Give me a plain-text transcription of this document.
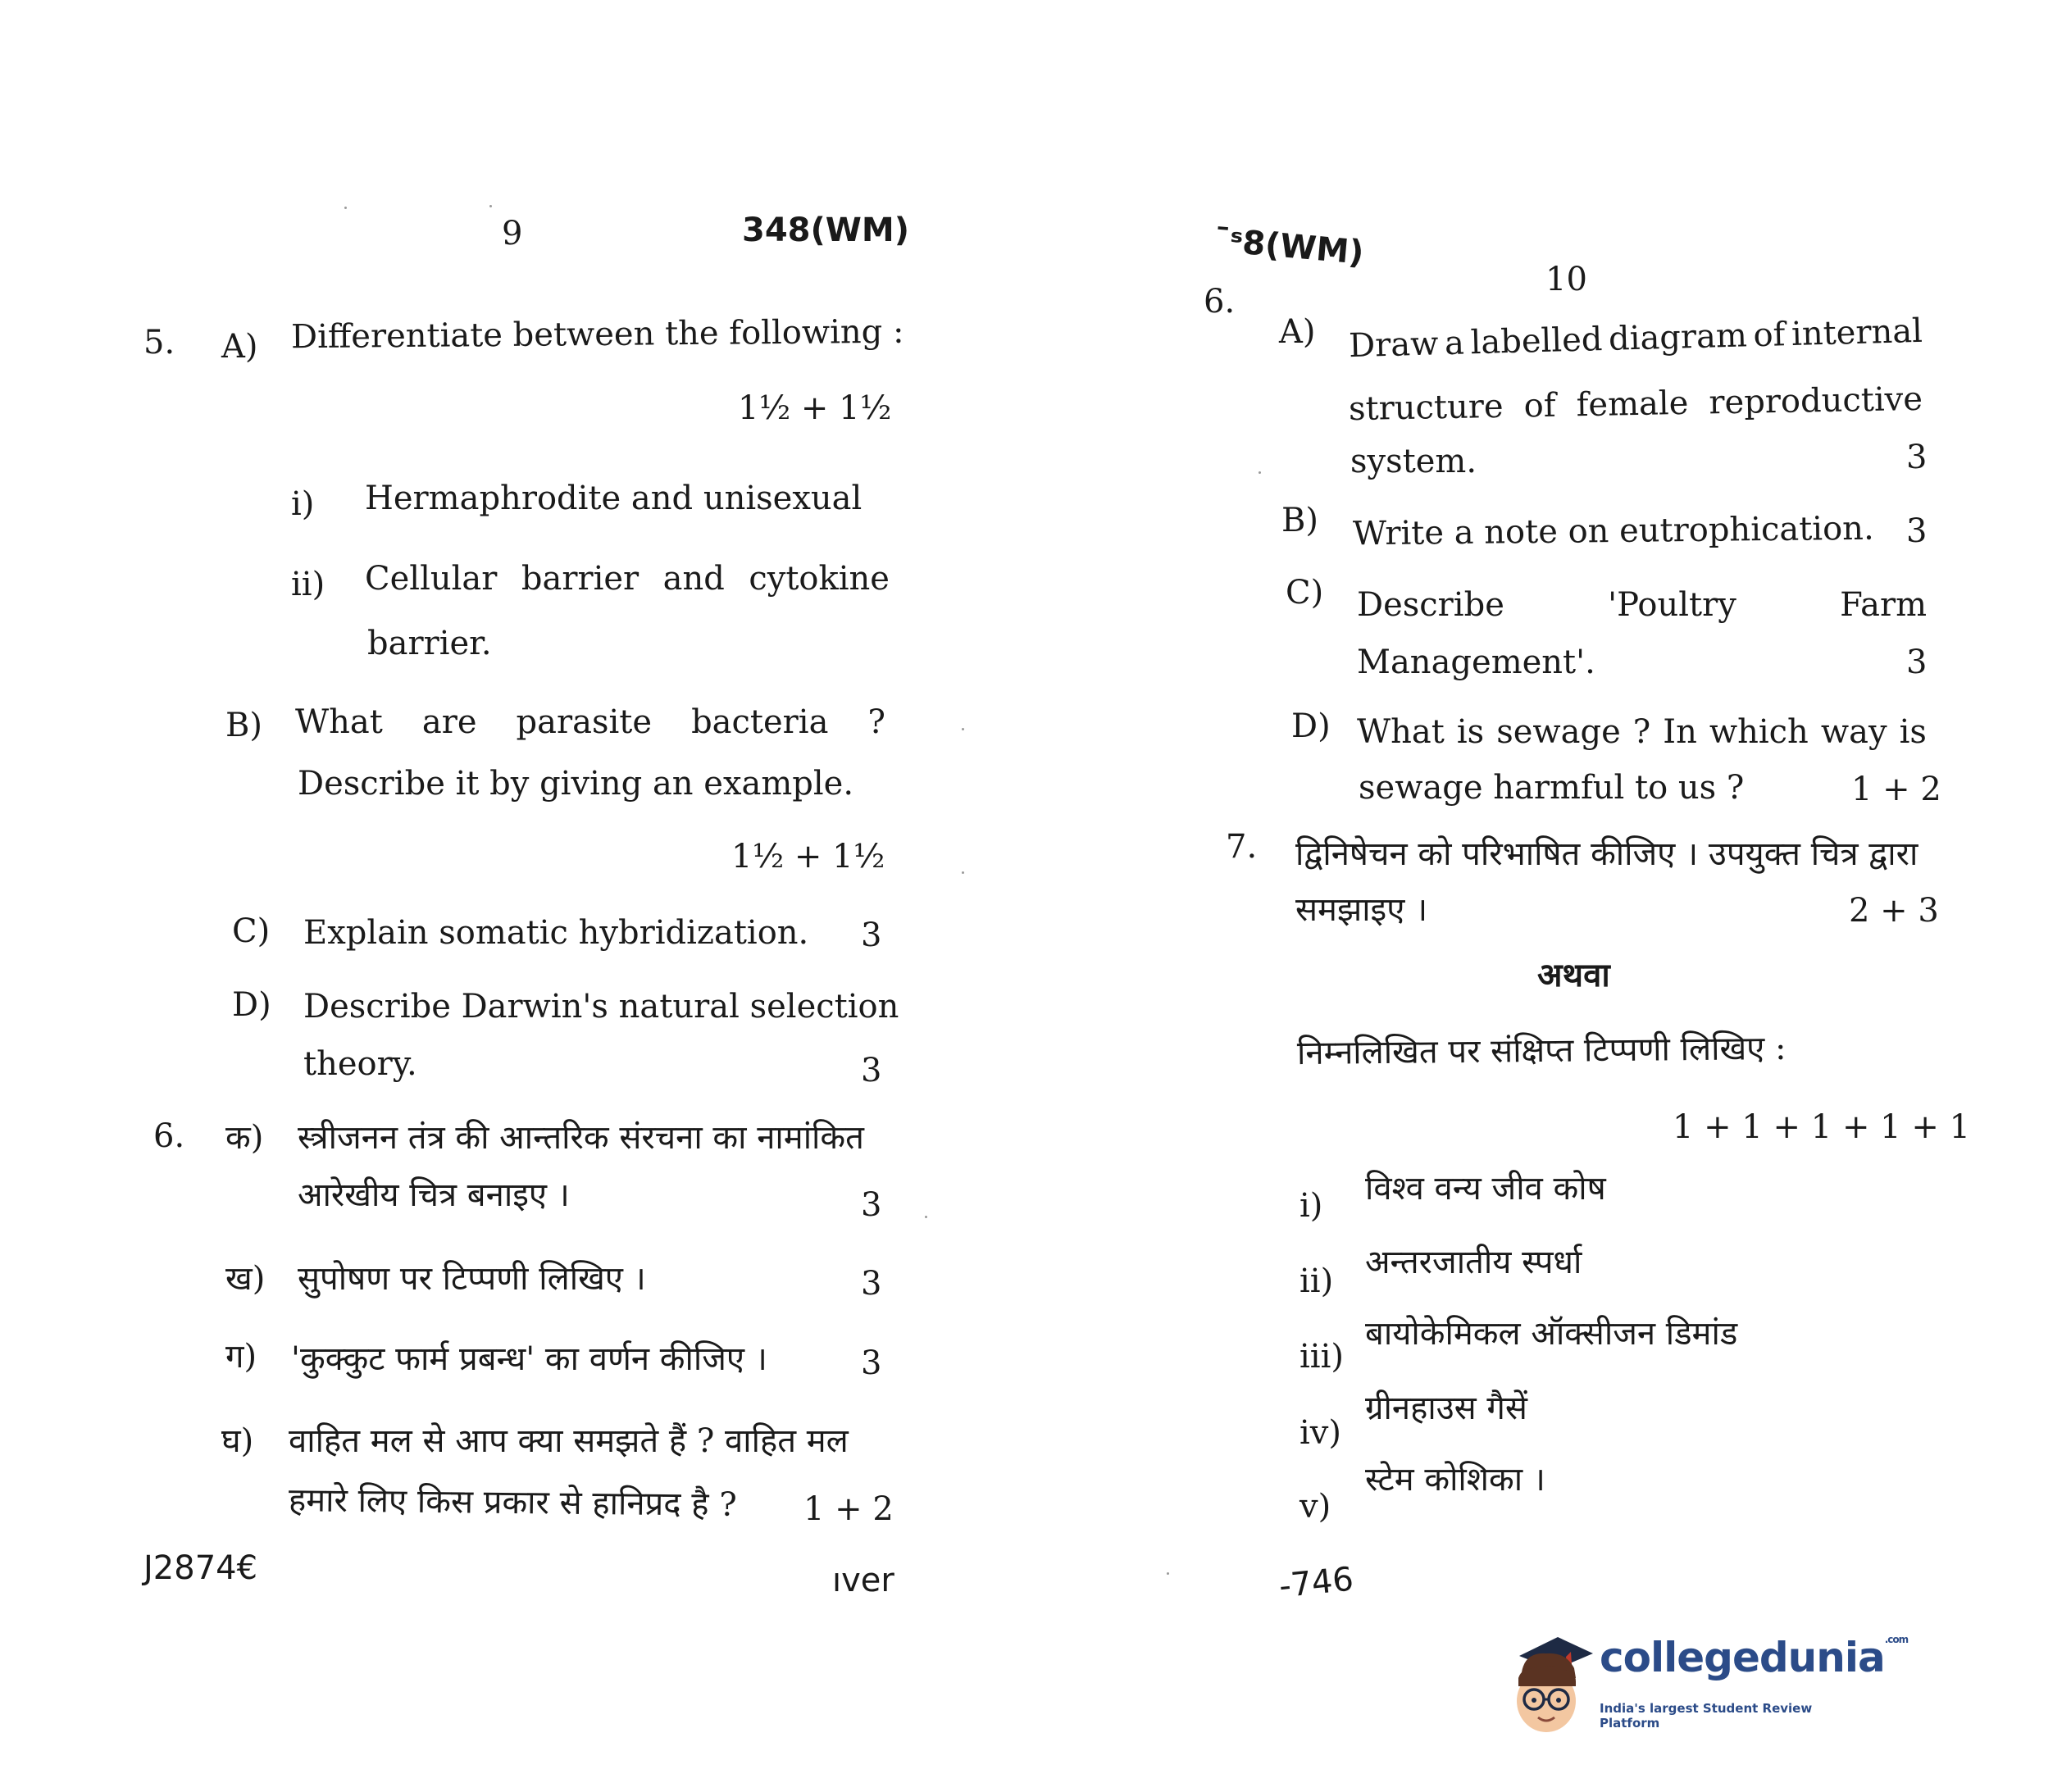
9	348(WM)
5. A) Differentiate between the following :
1½ + 1½
i) Hermaphrodite and unisexual
ii) Cellular barrier and cytokine
barrier.
B) What are parasite bacteria ?
Describe it by giving an example.
1½ + 1½
C) Explain somatic hybridization. 3
D) Describe Darwin's natural selection
theory.	3
6. क) स्त्रीजनन तंत्र की आन्तरिक संरचना का नामांकित
आरेखीय चित्र बनाइए ।	3
ख) सुपोषण पर टिप्पणी लिखिए ।	3
ग) 'कुक्कुट फार्म प्रबन्ध' का वर्णन कीजिए ।	3
घ) वाहित मल से आप क्या समझते हैं ? वाहित मल
हमारे लिए किस प्रकार से हानिप्रद है ? 1 + 2
J2874€	ıver
ˉˢ8(WM)
10
6.
A) Draw a labelled diagram of internal
structure of female reproductive
system.	3
B) Write a note on eutrophication. 3
C) Describe	'Poultry	Farm
Management'.	3
D) What is sewage ? In which way is
sewage harmful to us ?	1 + 2
7. द्विनिषेचन को परिभाषित कीजिए । उपयुक्त चित्र द्वारा
समझाइए ।	2 + 3
अथवा
निम्नलिखित पर संक्षिप्त टिप्पणी लिखिए :
1 + 1 + 1 + 1 + 1
i) विश्व वन्य जीव कोष
ii) अन्तरजातीय स्पर्धा
iii)
बायोकेमिकल ऑक्सीजन डिमांड
iv)
ग्रीनहाउस गैसें
v)
स्टेम कोशिका ।
-746
collegedunia$^{.com}$
India's largest Student Review Platform
